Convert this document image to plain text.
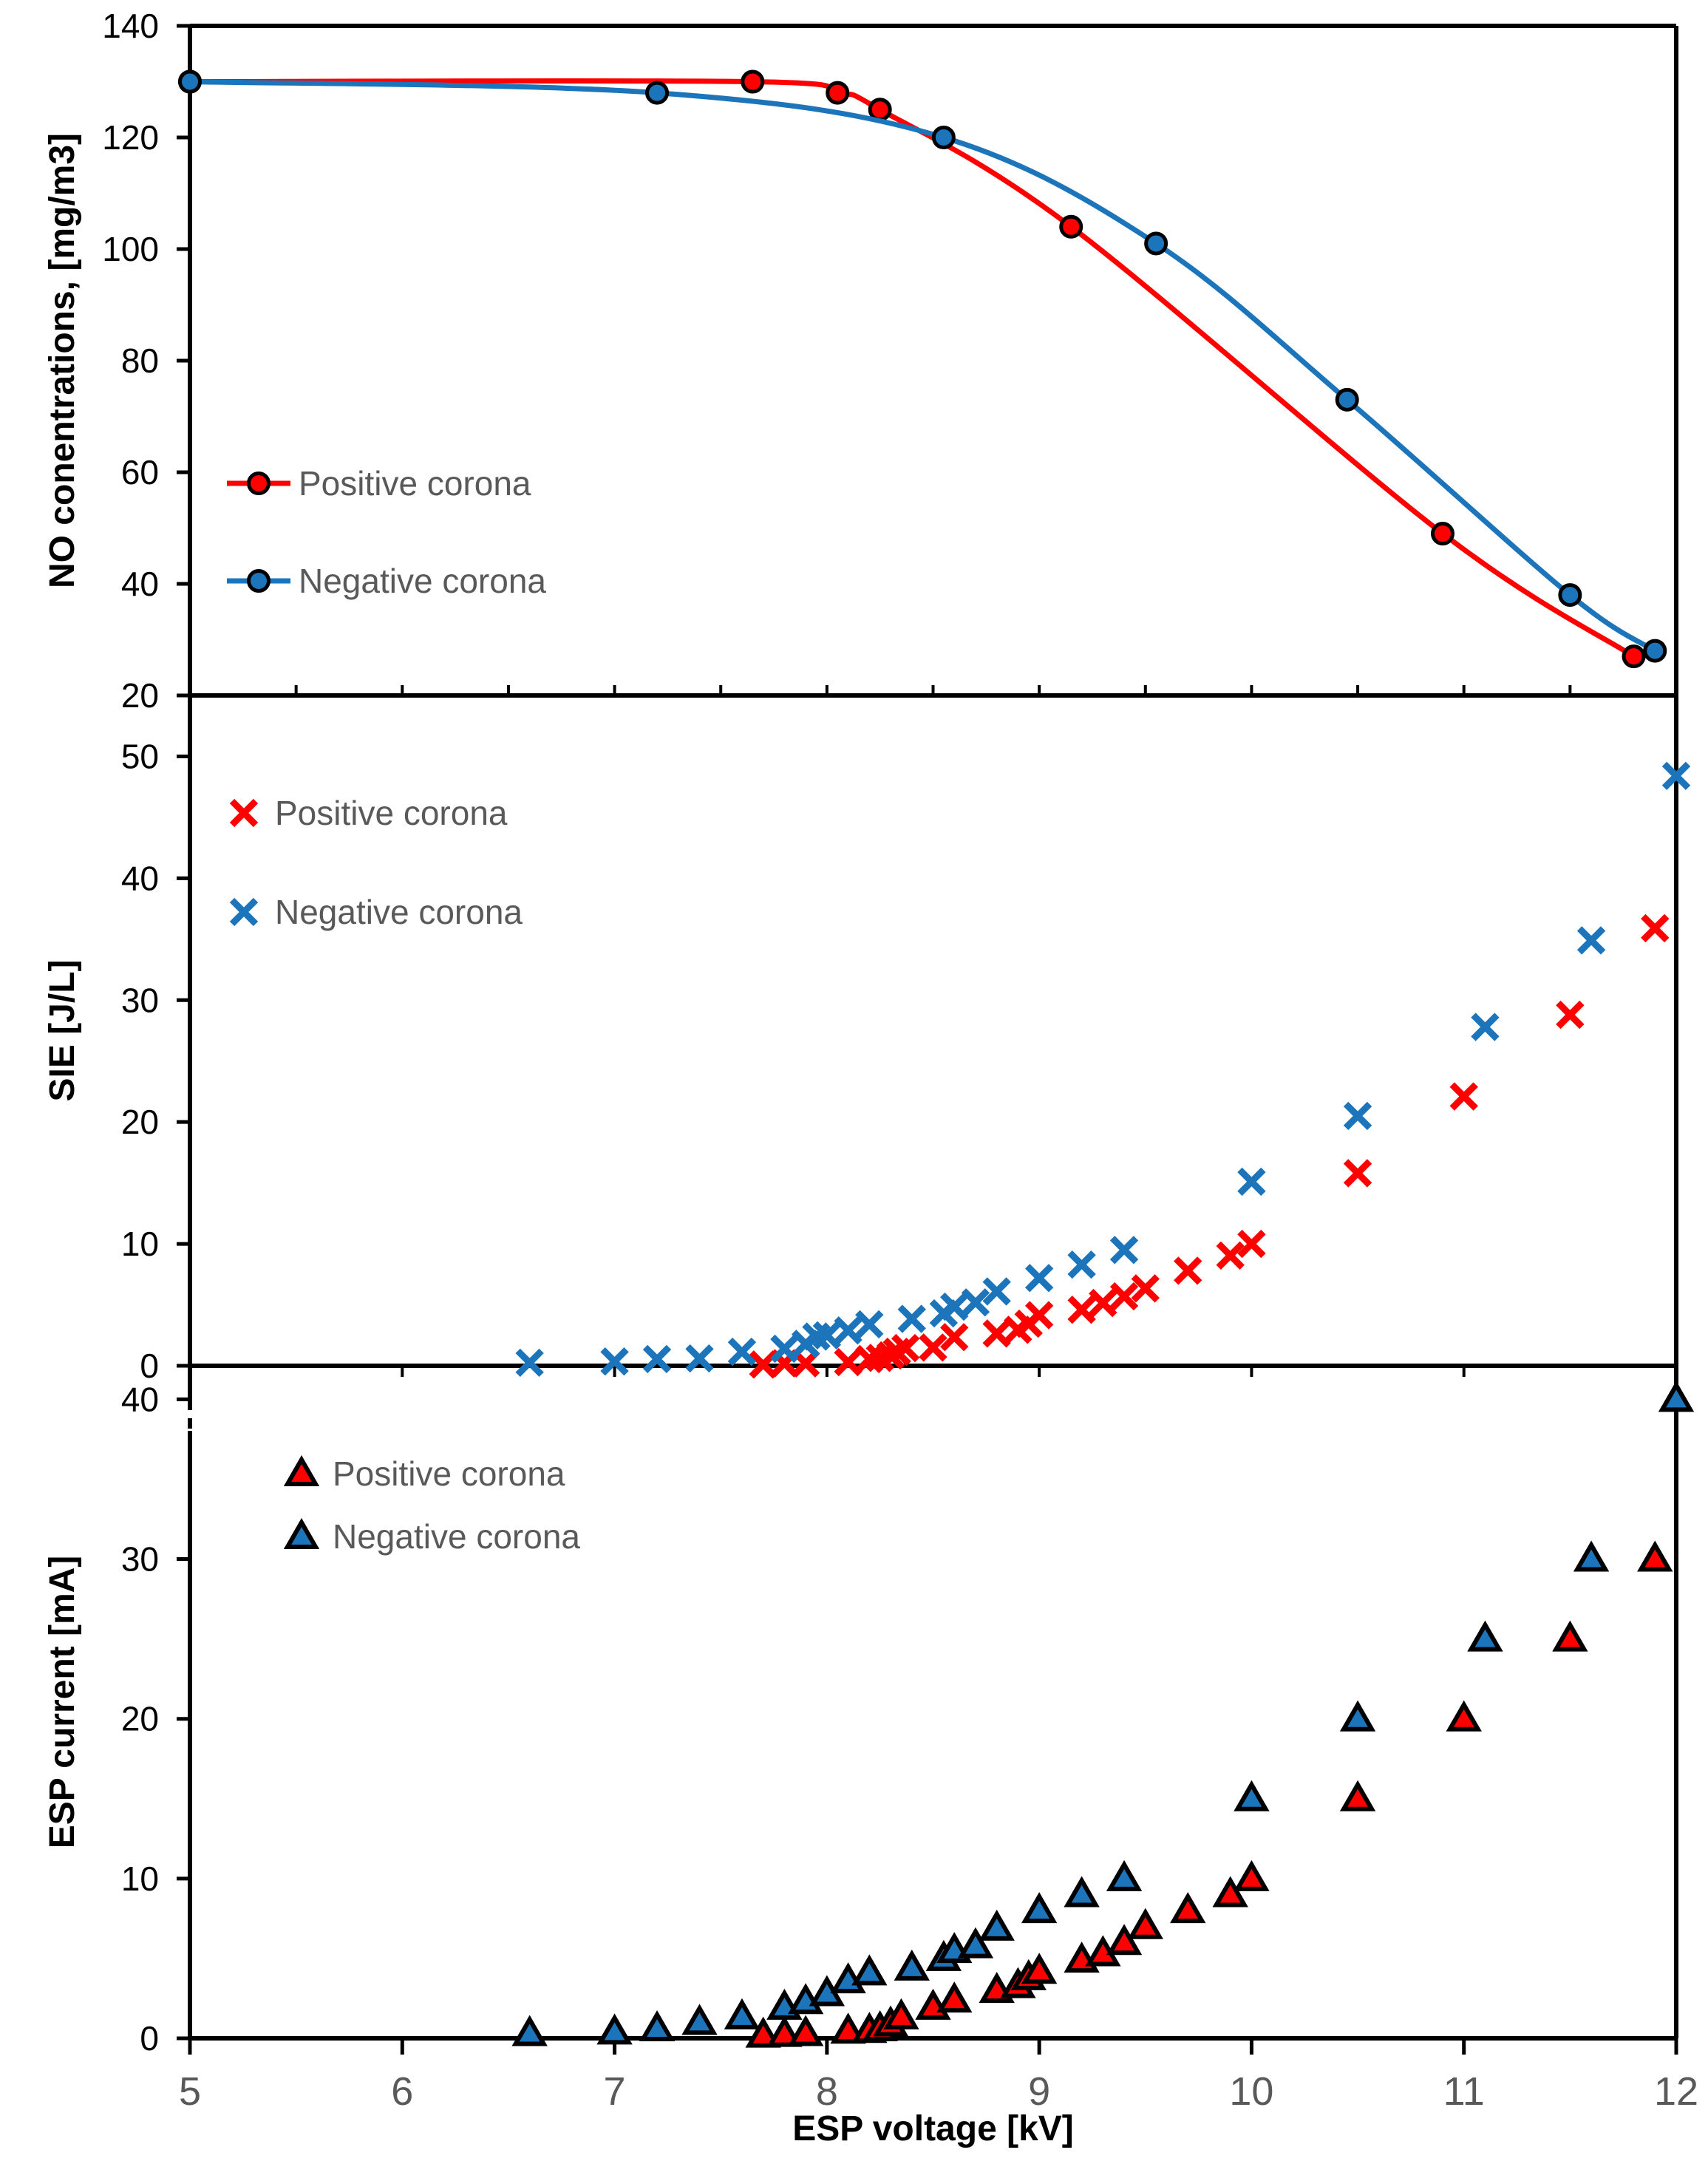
20
40
60
80
100
120
140
0
10
20
30
40
50
0
10
20
30
40
5	6	7	8	9	10	11	12
NO conentrations, [mg/m3]
SIE [J/L]
ESP current [mA]
ESP voltage [kV]
Positive corona
Negative corona
Positive corona
Negative corona
Positive corona
Negative corona
